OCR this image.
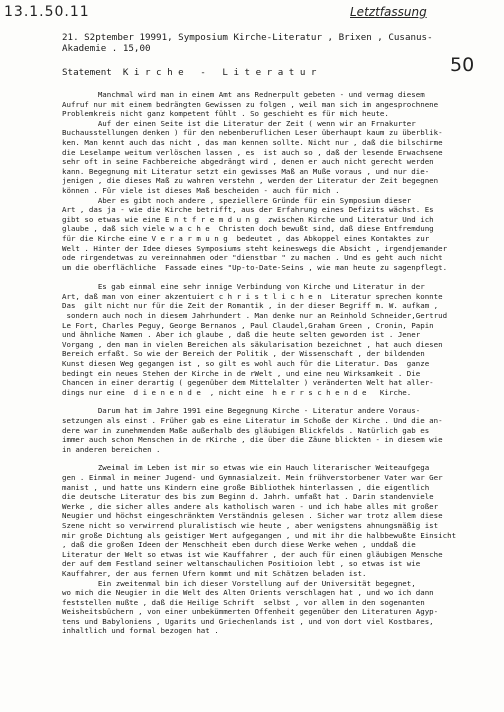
13.1.50.11	Letztfassung
50
21. S2ptember 19991, Symposium Kirche-Literatur , Brixen , Cusanus-
Akademie . 15,00
Statement  K i r c h e   -   L i t e r a t u r
Manchmal wird man in einem Amt ans Rednerpult gebeten - und vermag diesem
Aufruf nur mit einem bedrängten Gewissen zu folgen , weil man sich im angesprochnene
Problemkreis nicht ganz kompetent fühlt . So geschieht es für mich heute.
Auf der einen Seite ist die Literatur der Zeit ( wenn wir an Frnakurter
Buchausstellungen denken ) für den nebenberuflichen Leser überhaupt kaum zu überblik-
ken. Man kennt auch das nicht , das man kennen sollte. Nicht nur , daß die bilschirme
die Leselampe weitum verlöschen lassen , es  ist auch so , daß der lesende Erwachsene
sehr oft in seine Fachbereiche abgedrängt wird , denen er auch nicht gerecht werden
kann. Begegnung mit Literatur setzt ein gewisses Maß an Muße voraus , und nur die-
jenigen , die dieses Maß zu wahren verstehn , werden der Literatur der Zeit begegnen
können . Für viele ist dieses Maß bescheiden - auch für mich .
Aber es gibt noch andere , speziellere Gründe für ein Symposium dieser
Art , das ja - wie die Kirche betrifft, aus der Erfahrung eines Defizits wächst. Es
gibt so etwas wie eine E n t f r e m d u n g  zwischen Kirche und Literatur Und ich
glaube , daß sich viele w a c h e  Christen doch bewußt sind, daß diese Entfremdung
für die Kirche eine V e r a r m u n g  bedeutet , das Abkoppel eines Kontaktes zur
Welt . Hinter der Idee dieses Symposiums steht keineswegs die Absicht , irgendjemander
ode rirgendetwas zu vereinnahmen oder "dienstbar " zu machen . Und es geht auch nicht
um die oberflächliche  Fassade eines "Up-to-Date-Seins , wie man heute zu sagenpflegt.
Es gab einmal eine sehr innige Verbindung von Kirche und Literatur in der
Art, daß man von einer akzentuiert c h r i s t l i c h e n  Literatur sprechen konnte
Das  gilt nicht nur für die Zeit der Romantik , in der dieser Begriff m. W. aufkam ,
sondern auch noch in diesem Jahrhundert . Man denke nur an Reinhold Schneider,Gertrud
Le Fort, Charles Peguy, George Bernanos , Paul Claudel,Graham Green , Cronin, Papin
und ähnliche Namen . Aber ich glaube , daß die heute selten geworden ist . Jener
Vorgang , den man in vielen Bereichen als säkularisation bezeichnet , hat auch diesen
Bereich erfaßt. So wie der Bereich der Politik , der Wissenschaft , der bildenden
Kunst diesen Weg gegangen ist , so gilt es wohl auch für die Literatur. Das  ganze
bedingt ein neues Stehen der Kirche in de rWelt , und eine neu Wirksamkeit . Die
Chancen in einer derartig ( gegenüber dem Mittelalter ) veränderten Welt hat aller-
dings nur eine  d i e n e n d e  , nicht eine  h e r r s c h e n d e   Kirche.
Darum hat im Jahre 1991 eine Begegnung Kirche - Literatur andere Voraus-
setzungen als einst . Früher gab es eine Literatur im Schoße der Kirche . Und die an-
dere war in zunehmendem Maße außerhalb des gläubigen Blickfelds . Natürlich gab es
immer auch schon Menschen in de rKirche , die über die Zäune blickten - in diesem wie
in anderen bereichen .
Zweimal im Leben ist mir so etwas wie ein Hauch literarischer Weiteaufgega
gen . Einmal in meiner Jugend- und Gymnasialzeit. Mein frühverstorbener Vater war Ger
manist , und hatte uns Kindern eine große Bibliothek hinterlassen , die eigentlich
die deutsche Literatur des bis zum Beginn d. Jahrh. umfaßt hat . Darin standenviele
Werke , die sicher alles andere als katholisch waren - und ich habe alles mit großer
Neugier und höchst eingeschränktem Verständnis gelesen . Sicher war trotz allem diese
Szene nicht so verwirrend pluralistisch wie heute , aber wenigstens ahnungsmäßig ist
mir große Dichtung als geistiger Wert aufgegangen , und mit ihr die halbbewußte Einsicht
, daß die großen Ideen der Menschheit eben durch diese Werke wehen , unddaß die
Literatur der Welt so etwas ist wie Kauffahrer , der auch für einen gläubigen Mensche
der auf dem Festland seiner weltanschaulichen Positioion lebt , so etwas ist wie
Kauffahrer, der aus fernen Ufern kommt und mit Schätzen beladen ist.
Ein zweitenmal bin ich dieser Vorstellung auf der Universität begegnet,
wo mich die Neugier in die Welt des Alten Orients verschlagen hat , und wo ich dann
feststellen mußte , daß die Heilige Schrift  selbst , vor allem in den sogenanten
Weisheitsbüchern , von einer unbekümmerten Offenheit gegenüber den Literaturen Agyp-
tens und Babyloniens , Ugarits und Griechenlands ist , und von dort viel Kostbares,
inhaltlich und formal bezogen hat .
